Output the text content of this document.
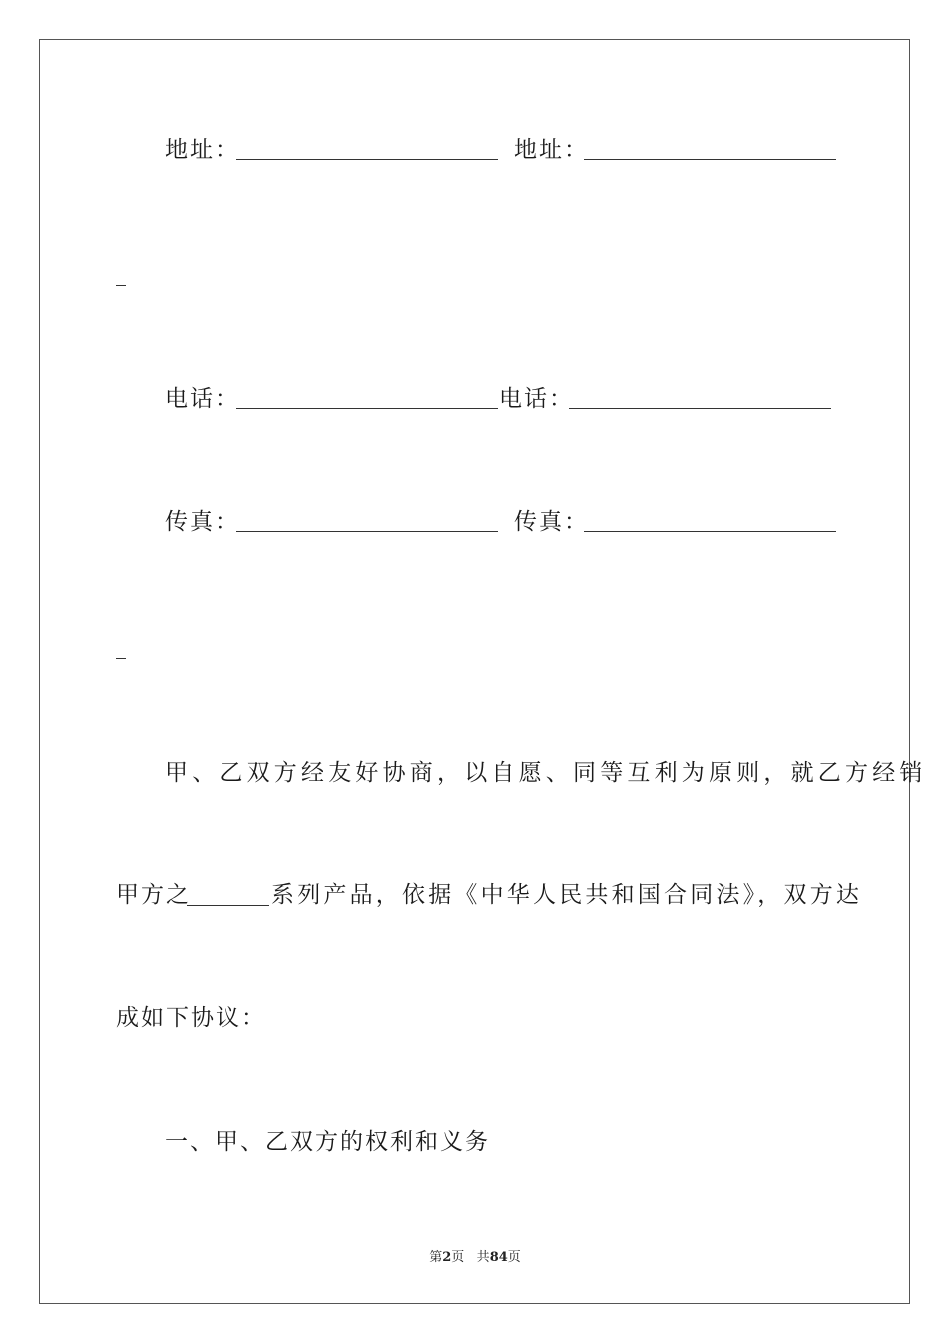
地址：	地址：
电话：	电话：
传真：	传真：
甲、乙双方经友好协商，以自愿、同等互利为原则，就乙方经销
甲方之	系列产品，依据《中华人民共和国合同法》，双方达
成如下协议：
一、甲、乙双方的权利和义务
第2页 共84页
